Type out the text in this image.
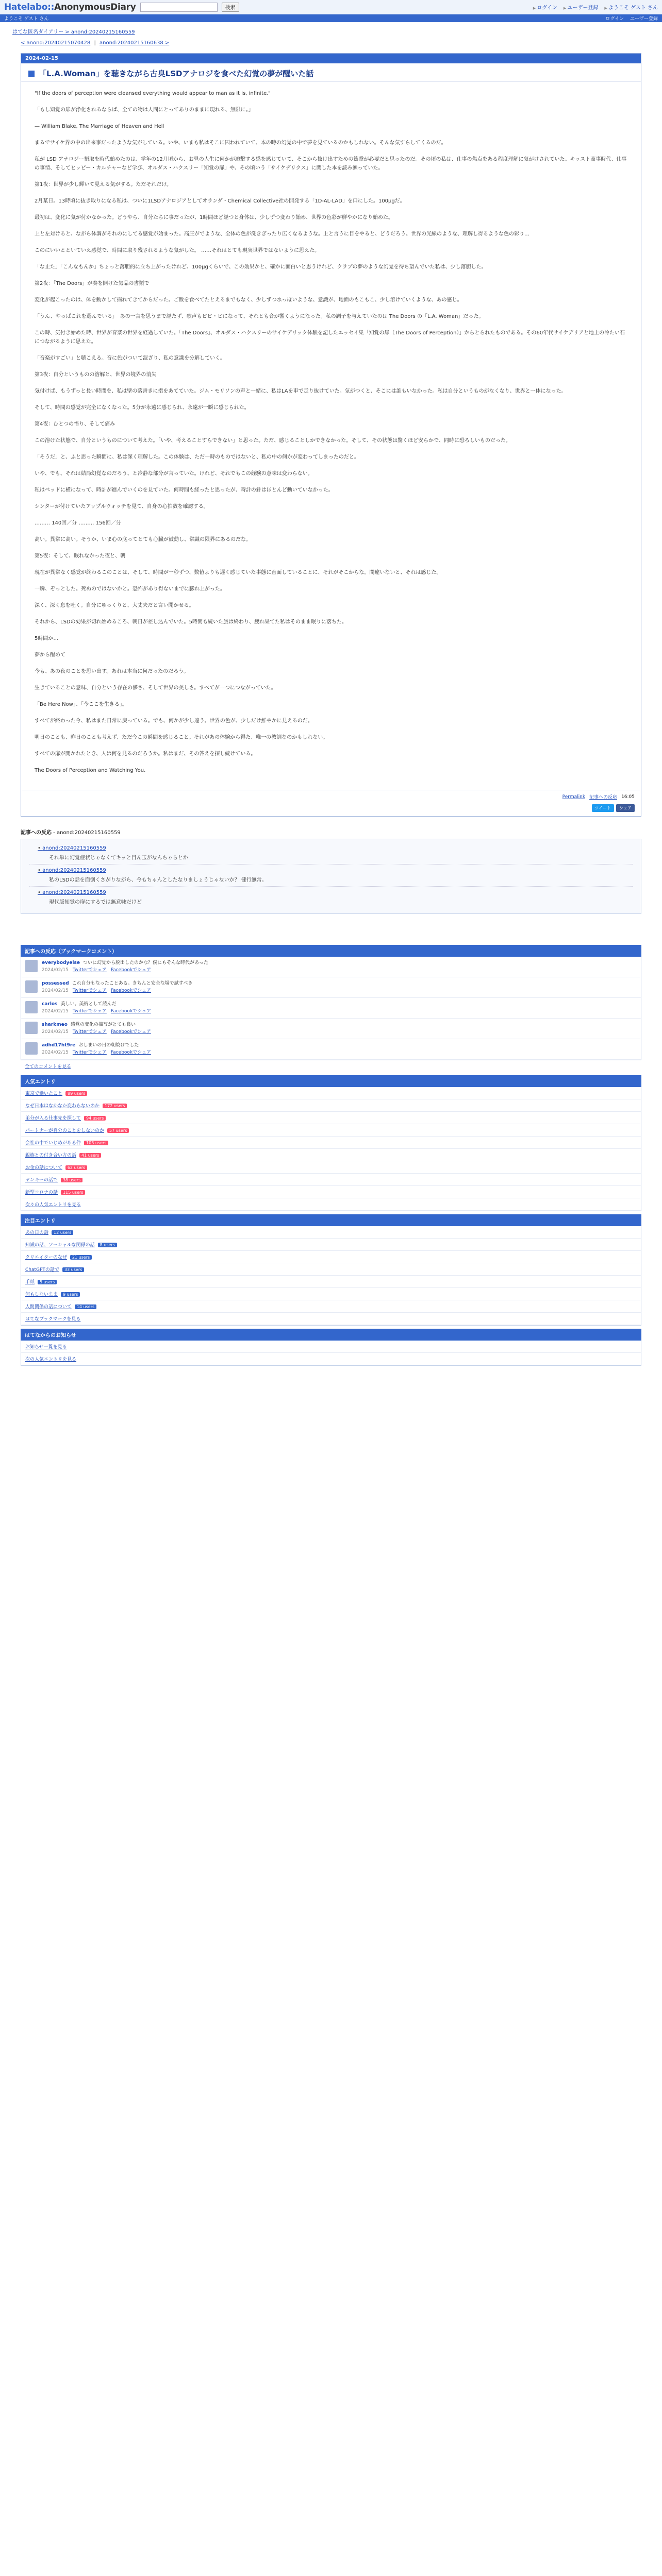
Hatelabo::AnonymousDiary	検索	▶ ログイン	▶ ユーザー登録	▶ ようこそ ゲスト さん
ようこそ ゲスト さん	ログイン ユーザー登録
はてな匿名ダイアリー > anond:20240215160559
< anond:20240215070428 | anond:20240215160638 >
2024-02-15
「L.A.Woman」を聴きながら古臭LSDアナロジを食べた幻覚の夢が醒いた話

"If the doors of perception were cleansed everything would appear to man as it is, infinite."

「もし知覚の扉が浄化されるならば、全ての物は人間にとってありのままに現れる、無限に。」

— William Blake, The Marriage of Heaven and Hell

まるでサイケ界の中の出来事だったような気がしている。いや、いまも私はそこに囚われていて、本の時の幻覚の中で夢を見ているのかもしれない。そんな気すらしてくるのだ。

私が LSD アナロジー摂取を時代始めたのは、学年の12月頃から、お昼の人生に何かが迫撃する感を感じていて、そこから抜け出すための衝撃が必要だと思ったのだ。その頃の私は、仕事の焦点をある程度理解に気がけされていた。キッスト商事時代、仕事の事情、そしてヒッピー・カルチャーなど学び、オルダス・ハクスリー「知覚の扉」や、その頃いう「サイケデリクス」に関した本を読み漁っていた。

第1夜：世界が少し輝いて見える気がする。ただそれだけ。

2月某日。13時頃に抜き取りになる私は、ついに1LSDアナロジアとしてオランダ・Chemical Collective社の開発する「1D-AL-LAD」を口にした。100µgだ。

最初は、変化に気が付かなかった。どうやら、自分たちに事だったが、1時間ほど経つと身体は、少しずつ変わり始め、世界の色彩が鮮やかになり始めた。

上と左対けると、ながら体調がそれのにしてる感覚が始まった。高圧がでような、全体の色が洗きぎったり広くなるような。上と言うに目をやると、どうだろう。世界の光線のような、理解し得るような色の彩り…

このにいいとといていえ感覚で、時間に取り残されるような気がした。 ……それはとても現実世界ではないように思えた。

「な止た」「こんなもんか」ちょっと落胆的に立ち上がったけれど、100µgくらいで、この効果かと、確かに面白いと思うけれど、クラブの夢のような幻覚を待ち望んでいた私は、少し落胆した。

第2夜：「The Doors」が奏を開けた気品の書類で

変化が起こったのは、体を動かして揺れてきてからだった。ご飯を食べてたとえるまでもなく、少しずつ水っぽいような、意識が、地面のもこもこ、少し溶けていくような、あの感じ。

「うん、やっぱこれを選んでいる」　あの一言を思うまで経たず、歌声もピピ・ピになって、それとも音が響くようになった。私の調子を与えていたのは The Doors の「L.A. Woman」だった。

この時、気付き始めた時、世界が音楽の世界を経過していた。「The Doors」、オルダス・ハクスリーのサイケデリック体験を記したエッセイ集「知覚の扉（The Doors of Perception）」からとられたものである。その60年代サイケデリアと地上の冷たい石につながるように思えた。

「音楽がすごい」と聴こえる。音に色がついて混ざり、私の意識を分解していく。

第3夜：自分というものの溶解と、世界の境界の消失

気付けば、もうずっと長い時間を、私は壁の落書きに指をあてていた。ジム・モリソンの声と一緒に、私はLAを車で走り抜けていた。気がつくと、そこには誰もいなかった。私は自分というものがなくなり、世界と一体になった。

そして、時間の感覚が完全になくなった。5分が永遠に感じられ、永遠が一瞬に感じられた。

第4夜：ひとつの悟り、そして痛み

この溶けた状態で、自分というものについて考えた。「いや、考えることすらできない」と思った。ただ、感じることしかできなかった。そして、その状態は驚くほど安らかで、同時に恐ろしいものだった。

「そうだ」と、ふと思った瞬間に、私は深く理解した。この体験は、ただ一時のものではないと、私の中の何かが変わってしまったのだと。

いや、でも、それは結局幻覚なのだろう、と冷静な部分が言っていた。けれど、それでもこの経験の意味は変わらない。

私はベッドに横になって、時計が進んでいくのを見ていた。何時間も経ったと思ったが、時計の針はほとんど動いていなかった。

シンターが付けていたアップルウォッチを見て、自身の心拍数を確認する。

……… 140回／分 ……… 156回／分

高い。異常に高い。そうか、いま心の底ってとても心臓が鼓動し、常識の限界にあるのだな。

第5夜：そして、眠れなかった夜と、朝

現在が異常なく感覚が終わるこのことは、そして、時間が一秒ずつ、数値よりも遅く感じていた事態に直面していることに、それがそこからな。間違いないと、それは感じた。

一瞬、ぞっとした。死ぬのではないかと。恐怖があり得ないまでに膨れ上がった。

深く、深く息を吐く。自分にゆっくりと、大丈夫だと言い聞かせる。

それから、LSDの効果が切れ始めるころ、朝日が差し込んでいた。5時間も続いた旅は終わり、疲れ果てた私はそのまま眠りに落ちた。

5時間か…

夢から醒めて

今も、あの夜のことを思い出す。あれは本当に何だったのだろう。

生きていることの意味、自分という存在の儚さ、そして世界の美しさ。すべてが一つにつながっていた。

「Be Here Now」、「今ここを生きる」。

すべてが終わった今、私はまた日常に戻っている。でも、何かが少し違う。世界の色が、少しだけ鮮やかに見えるのだ。

明日のことも、昨日のことも考えず、ただ今この瞬間を感じること。それがあの体験から得た、唯一の教訓なのかもしれない。

すべての扉が開かれたとき、人は何を見るのだろうか。私はまだ、その答えを探し続けている。

The Doors of Perception and Watching You.

Permalink 記事への反応 16:05
ツイート	シェア
記事への反応 - anond:20240215160559
• anond:20240215160559
それ単に幻覚症状じゃなくてキッと目ん玉がなんちゃらとか
• anond:20240215160559
私のLSDの話を面倒くさがりながら、今もちゃんとしたなりましょうじゃないか？ 健行無常。
• anond:20240215160559
現代版知覚の扉にするでは無意味だけど
記事への反応（ブックマークコメント）
everybodyelse ついに幻覚から脱出したのかな？僕にもそんな時代があった
2024/02/15 Twitterでシェア Facebookでシェア
possessed これ自分もなったことある。きちんと安全な場で試すべき
2024/02/15 Twitterでシェア Facebookでシェア
carlos 美しい。美術として読んだ
2024/02/15 Twitterでシェア Facebookでシェア
sharkmeo 感覚の変化の描写がとても良い
2024/02/15 Twitterでシェア Facebookでシェア
adhd17ht9re おしまいの日の朝焼けでした
2024/02/15 Twitterでシェア Facebookでシェア
全てのコメントを見る
人気エントリ
東京で働いたこと 89 users
なぜ日本はなかなか変わらないのか 172 users
弟分が入る仕事先を探して 94 users
パートナーが自分のことをしないのか 57 users
会社の中でいじめがある件 103 users
親族との付き合い方の話 41 users
お金の話について 62 users
ヤンキーの話で 38 users
新型コロナの話 115 users
次々の人気エントリを見る
注目エントリ
あの日の話 12 users
知識の話、ソーシャルな関係の話 8 users
クリエイターのなぜ 21 users
ChatGPTの話で 33 users
手紙 5 users
何もしないまま 9 users
人間関係の話について 14 users
はてなブックマークを見る
はてなからのお知らせ
お知らせ一覧を見る
次の人気エントリを見る
